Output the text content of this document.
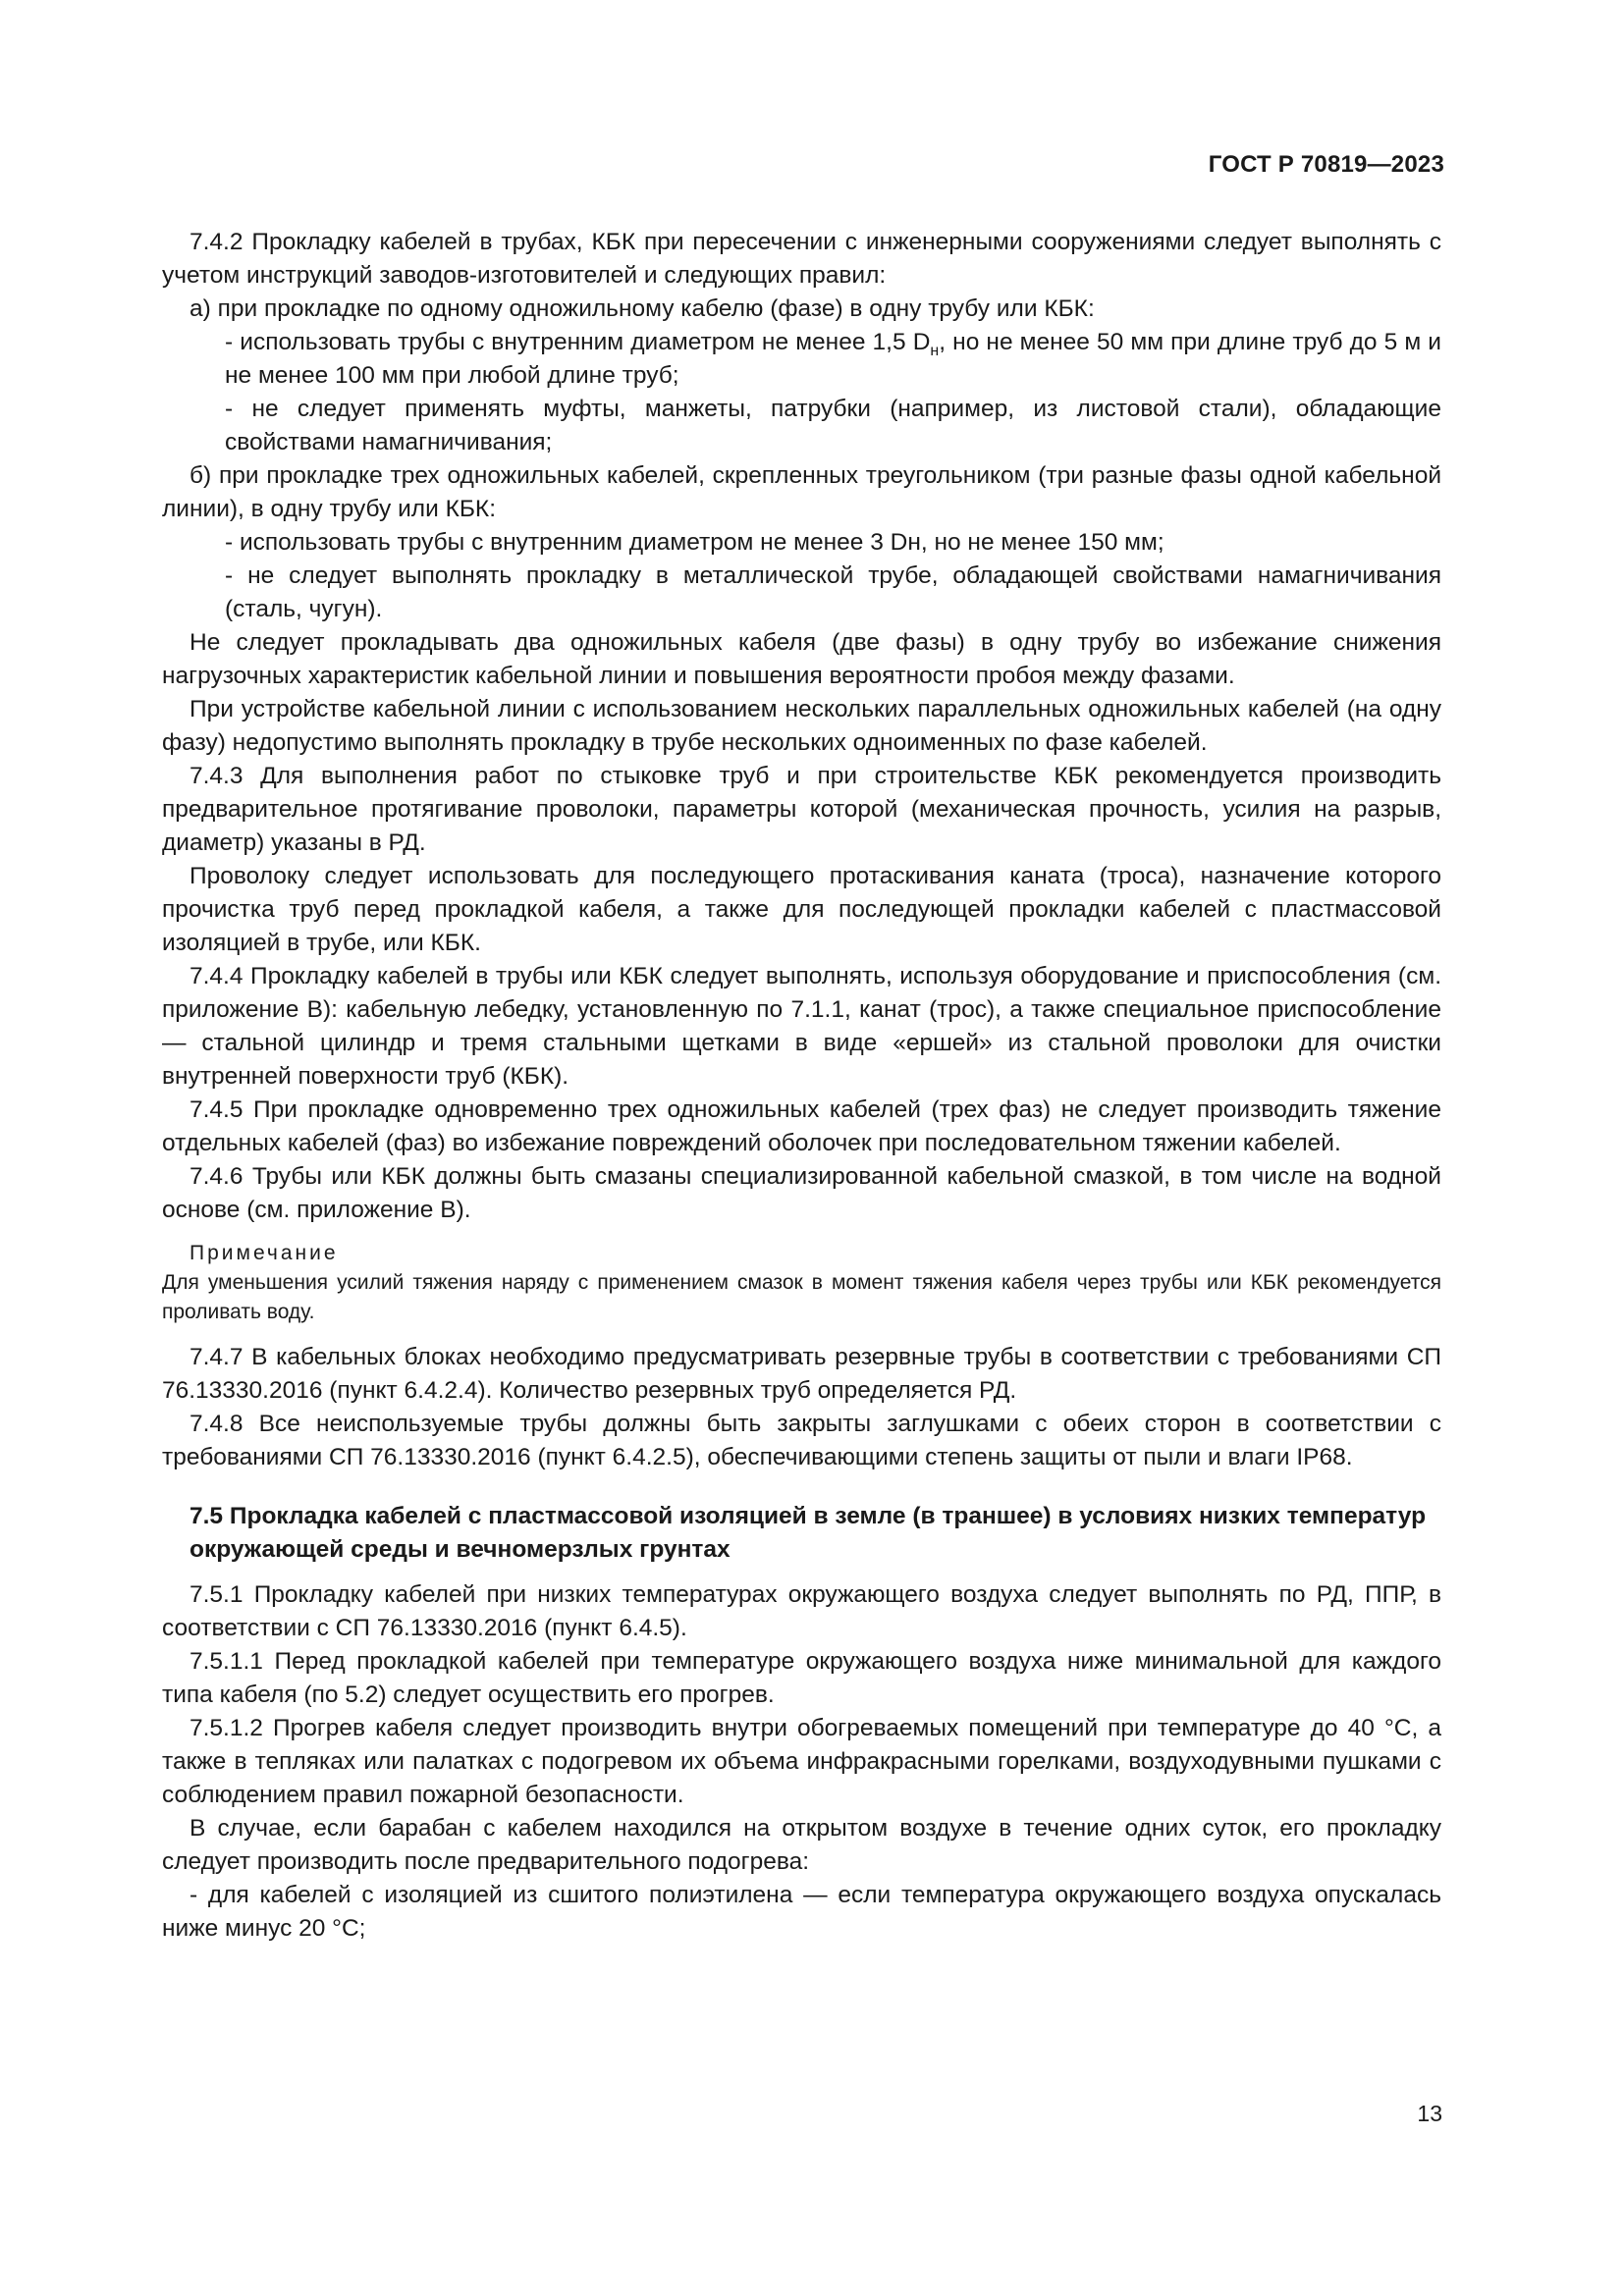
ГОСТ Р 70819—2023

7.4.2 Прокладку кабелей в трубах, КБК при пересечении с инженерными сооружениями следует выполнять с учетом инструкций заводов-изготовителей и следующих правил:

а) при прокладке по одному одножильному кабелю (фазе) в одну трубу или КБК:

- использовать трубы с внутренним диаметром не менее 1,5 $D_н$, но не менее 50 мм при длине труб до 5 м и не менее 100 мм при любой длине труб;

- не следует применять муфты, манжеты, патрубки (например, из листовой стали), обладающие свойствами намагничивания;

б) при прокладке трех одножильных кабелей, скрепленных треугольником (три разные фазы одной кабельной линии), в одну трубу или КБК:

- использовать трубы с внутренним диаметром не менее 3 Dн, но не менее 150 мм;

- не следует выполнять прокладку в металлической трубе, обладающей свойствами намагничивания (сталь, чугун).

Не следует прокладывать два одножильных кабеля (две фазы) в одну трубу во избежание снижения нагрузочных характеристик кабельной линии и повышения вероятности пробоя между фазами.

При устройстве кабельной линии с использованием нескольких параллельных одножильных кабелей (на одну фазу) недопустимо выполнять прокладку в трубе нескольких одноименных по фазе кабелей.

7.4.3 Для выполнения работ по стыковке труб и при строительстве КБК рекомендуется производить предварительное протягивание проволоки, параметры которой (механическая прочность, усилия на разрыв, диаметр) указаны в РД.

Проволоку следует использовать для последующего протаскивания каната (троса), назначение которого прочистка труб перед прокладкой кабеля, а также для последующей прокладки кабелей с пластмассовой изоляцией в трубе, или КБК.

7.4.4 Прокладку кабелей в трубы или КБК следует выполнять, используя оборудование и приспособления (см. приложение В): кабельную лебедку, установленную по 7.1.1, канат (трос), а также специальное приспособление — стальной цилиндр и тремя стальными щетками в виде «ершей» из стальной проволоки для очистки внутренней поверхности труб (КБК).

7.4.5 При прокладке одновременно трех одножильных кабелей (трех фаз) не следует производить тяжение отдельных кабелей (фаз) во избежание повреждений оболочек при последовательном тяжении кабелей.

7.4.6 Трубы или КБК должны быть смазаны специализированной кабельной смазкой, в том числе на водной основе (см. приложение В).

Примечание

Для уменьшения усилий тяжения наряду с применением смазок в момент тяжения кабеля через трубы или КБК рекомендуется проливать воду.

7.4.7 В кабельных блоках необходимо предусматривать резервные трубы в соответствии с требованиями СП 76.13330.2016 (пункт 6.4.2.4). Количество резервных труб определяется РД.

7.4.8 Все неиспользуемые трубы должны быть закрыты заглушками с обеих сторон в соответствии с требованиями СП 76.13330.2016 (пункт 6.4.2.5), обеспечивающими степень защиты от пыли и влаги IP68.

7.5 Прокладка кабелей с пластмассовой изоляцией в земле (в траншее) в условиях низких температур окружающей среды и вечномерзлых грунтах

7.5.1 Прокладку кабелей при низких температурах окружающего воздуха следует выполнять по РД, ППР, в соответствии с СП 76.13330.2016 (пункт 6.4.5).

7.5.1.1 Перед прокладкой кабелей при температуре окружающего воздуха ниже минимальной для каждого типа кабеля (по 5.2) следует осуществить его прогрев.

7.5.1.2 Прогрев кабеля следует производить внутри обогреваемых помещений при температуре до 40 °С, а также в тепляках или палатках с подогревом их объема инфракрасными горелками, воздуходувными пушками с соблюдением правил пожарной безопасности.

В случае, если барабан с кабелем находился на открытом воздухе в течение одних суток, его прокладку следует производить после предварительного подогрева:

- для кабелей с изоляцией из сшитого полиэтилена — если температура окружающего воздуха опускалась ниже минус 20 °С;

13
